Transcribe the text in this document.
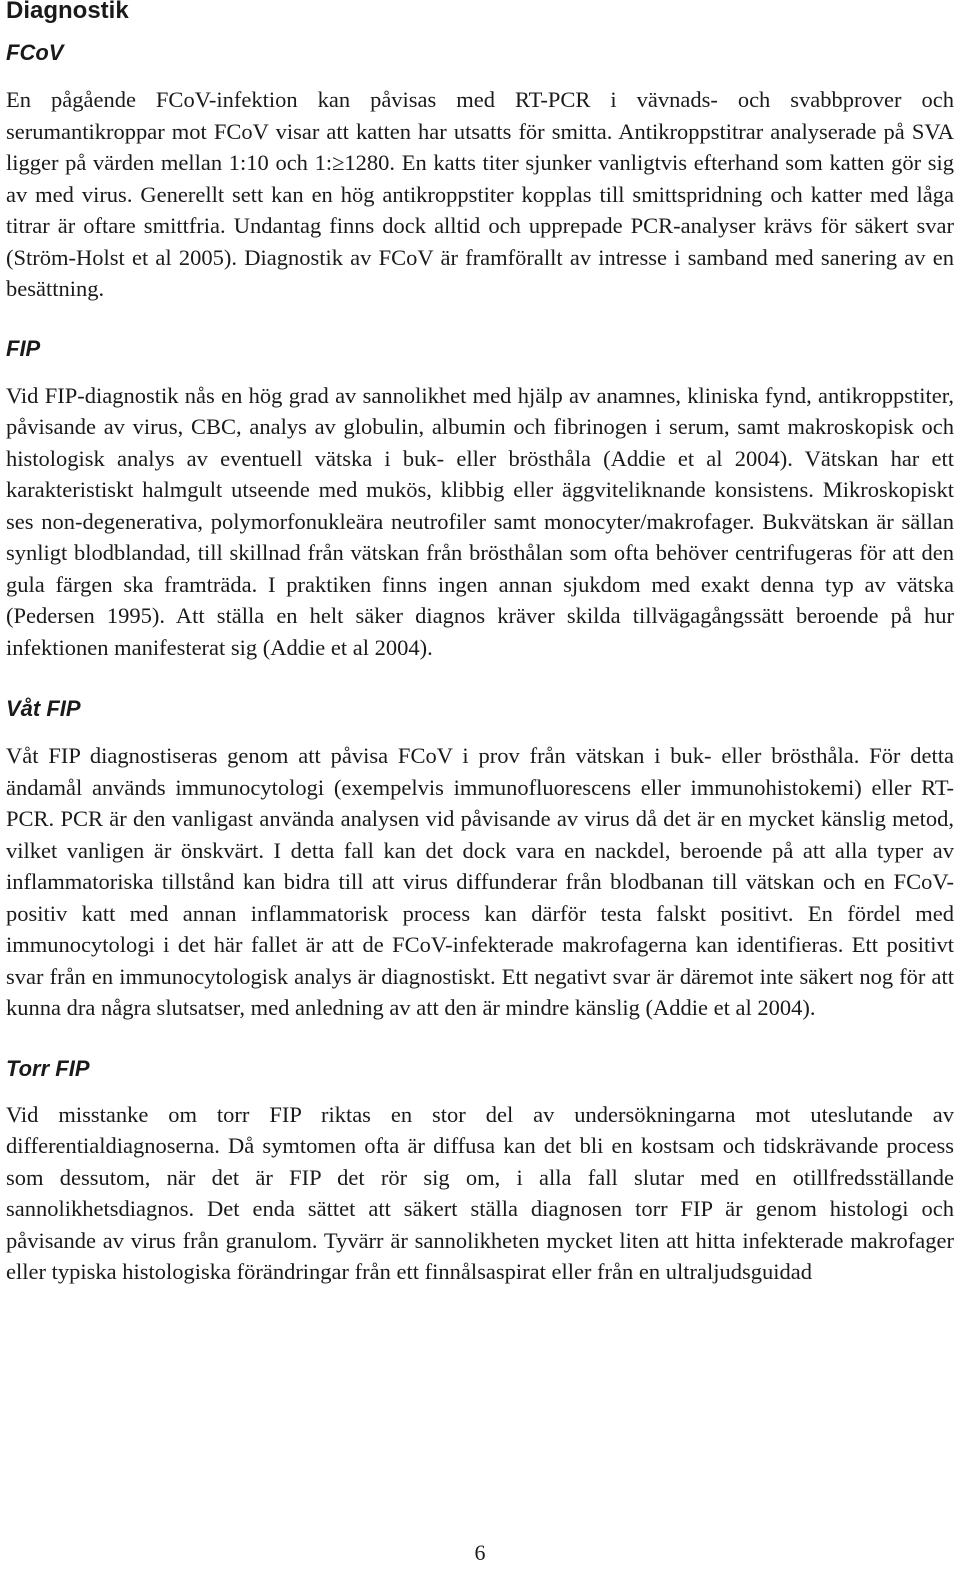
Diagnostik
FCoV

En pågående FCoV-infektion kan påvisas med RT-PCR i vävnads- och svabbprover och serumantikroppar mot FCoV visar att katten har utsatts för smitta. Antikroppstitrar analyserade på SVA ligger på värden mellan 1:10 och 1:≥1280. En katts titer sjunker vanligtvis efterhand som katten gör sig av med virus. Generellt sett kan en hög antikroppstiter kopplas till smittspridning och katter med låga titrar är oftare smittfria. Undantag finns dock alltid och upprepade PCR-analyser krävs för säkert svar (Ström-Holst et al 2005). Diagnostik av FCoV är framförallt av intresse i samband med sanering av en besättning.

FIP

Vid FIP-diagnostik nås en hög grad av sannolikhet med hjälp av anamnes, kliniska fynd, antikroppstiter, påvisande av virus, CBC, analys av globulin, albumin och fibrinogen i serum, samt makroskopisk och histologisk analys av eventuell vätska i buk- eller brösthåla (Addie et al 2004). Vätskan har ett karakteristiskt halmgult utseende med mukös, klibbig eller äggviteliknande konsistens. Mikroskopiskt ses non-degenerativa, polymorfonukleära neutrofiler samt monocyter/makrofager. Bukvätskan är sällan synligt blodblandad, till skillnad från vätskan från brösthålan som ofta behöver centrifugeras för att den gula färgen ska framträda. I praktiken finns ingen annan sjukdom med exakt denna typ av vätska (Pedersen 1995). Att ställa en helt säker diagnos kräver skilda tillvägagångssätt beroende på hur infektionen manifesterat sig (Addie et al 2004).

Våt FIP

Våt FIP diagnostiseras genom att påvisa FCoV i prov från vätskan i buk- eller brösthåla. För detta ändamål används immunocytologi (exempelvis immunofluorescens eller immunohistokemi) eller RT-PCR. PCR är den vanligast använda analysen vid påvisande av virus då det är en mycket känslig metod, vilket vanligen är önskvärt. I detta fall kan det dock vara en nackdel, beroende på att alla typer av inflammatoriska tillstånd kan bidra till att virus diffunderar från blodbanan till vätskan och en FCoV-positiv katt med annan inflammatorisk process kan därför testa falskt positivt. En fördel med immunocytologi i det här fallet är att de FCoV-infekterade makrofagerna kan identifieras. Ett positivt svar från en immunocytologisk analys är diagnostiskt. Ett negativt svar är däremot inte säkert nog för att kunna dra några slutsatser, med anledning av att den är mindre känslig (Addie et al 2004).

Torr FIP

Vid misstanke om torr FIP riktas en stor del av undersökningarna mot uteslutande av differentialdiagnoserna. Då symtomen ofta är diffusa kan det bli en kostsam och tidskrävande process som dessutom, när det är FIP det rör sig om, i alla fall slutar med en otillfredsställande sannolikhetsdiagnos. Det enda sättet att säkert ställa diagnosen torr FIP är genom histologi och påvisande av virus från granulom. Tyvärr är sannolikheten mycket liten att hitta infekterade makrofager eller typiska histologiska förändringar från ett finnålsaspirat eller från en ultraljudsguidad

6
